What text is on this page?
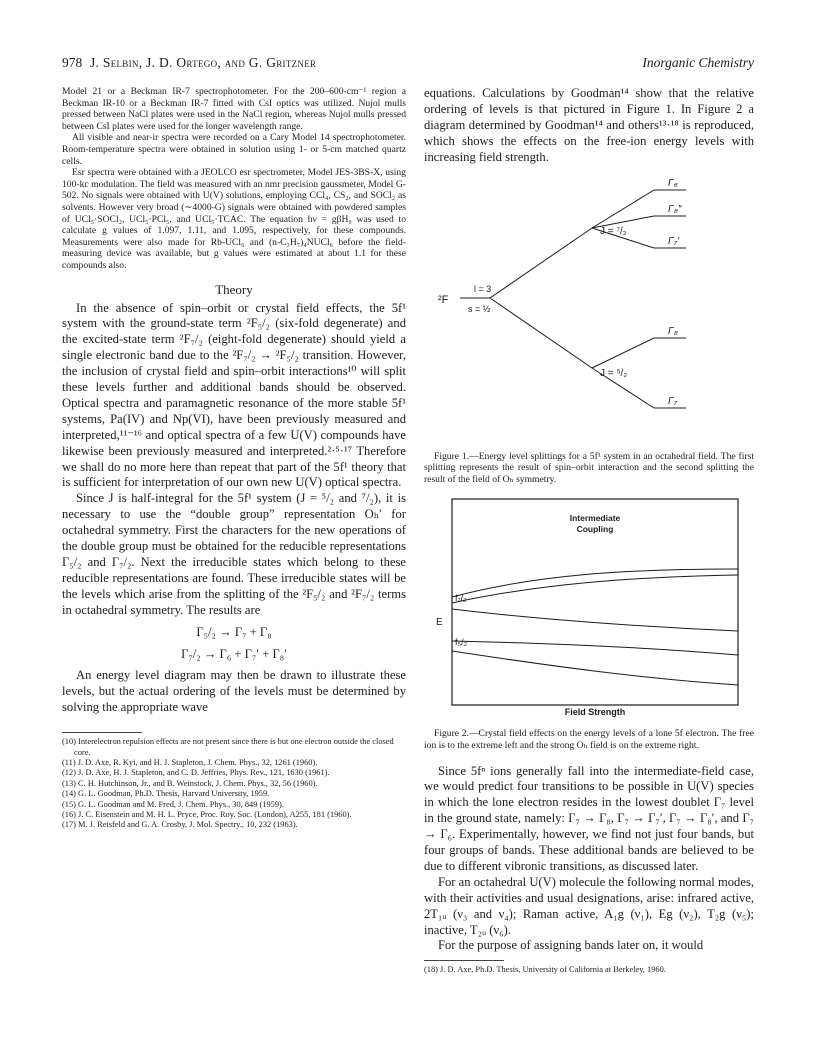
978 J. Selbin, J. D. Ortego, and G. Gritzner	Inorganic Chemistry

Model 21 or a Beckman IR-7 spectrophotometer. For the 200–600-cm⁻¹ region a Beckman IR-10 or a Beckman IR-7 fitted with CsI optics was utilized. Nujol mulls pressed between NaCl plates were used in the NaCl region, whereas Nujol mulls pressed between CsI plates were used for the longer wavelength range.

All visible and near-ir spectra were recorded on a Cary Model 14 spectrophotometer. Room-temperature spectra were obtained in solution using 1- or 5-cm matched quartz cells.

Esr spectra were obtained with a JEOLCO esr spectrometer, Model JES-3BS-X, using 100-kc modulation. The field was measured with an nmr precision gaussmeter, Model G-502. No signals were obtained with U(V) solutions, employing CCl₄, CS₂, and SOCl₂ as solvents. However very broad (∼4000-G) signals were obtained with powdered samples of UCl₅·SOCl₂, UCl₅·PCl₅, and UCl₅·TCAC. The equation hν = gβH₀ was used to calculate g values of 1.097, 1.11, and 1.095, respectively, for these compounds. Measurements were also made for Rb-UCl₆ and (n-C₃H₇)₄NUCl₆ before the field-measuring device was available, but g values were estimated at about 1.1 for these compounds also.

Theory

In the absence of spin–orbit or crystal field effects, the 5f¹ system with the ground-state term ²F₅/₂ (six-fold degenerate) and the excited-state term ²F₇/₂ (eight-fold degenerate) should yield a single electronic band due to the ²F₇/₂ → ²F₅/₂ transition. However, the inclusion of crystal field and spin–orbit interactions¹⁰ will split these levels further and additional bands should be observed. Optical spectra and paramagnetic resonance of the more stable 5f¹ systems, Pa(IV) and Np(VI), have been previously measured and interpreted,¹¹⁻¹⁶ and optical spectra of a few U(V) compounds have likewise been previously measured and interpreted.²·⁵·¹⁷ Therefore we shall do no more here than repeat that part of the 5f¹ theory that is sufficient for interpretation of our own new U(V) optical spectra.

Since J is half-integral for the 5f¹ system (J = ⁵/₂ and ⁷/₂), it is necessary to use the “double group” representation Oₕ′ for octahedral symmetry. First the characters for the new operations of the double group must be obtained for the reducible representations Γ₅/₂ and Γ₇/₂. Next the irreducible states which belong to these reducible representations are found. These irreducible states will be the levels which arise from the splitting of the ²F₅/₂ and ²F₇/₂ terms in octahedral symmetry. The results are

Γ₅/₂ → Γ₇ + Γ₈
Γ₇/₂ → Γ₆ + Γ₇′ + Γ₈′

An energy level diagram may then be drawn to illustrate these levels, but the actual ordering of the levels must be determined by solving the appropriate wave

(10) Interelectron repulsion effects are not present since there is but one electron outside the closed core.
(11) J. D. Axe, R. Kyi, and H. J. Stapleton, J. Chem. Phys., 32, 1261 (1960).
(12) J. D. Axe, H. J. Stapleton, and C. D. Jeffries, Phys. Rev., 121, 1630 (1961).
(13) C. H. Hutchinson, Jr., and B. Weinstock, J. Chem. Phys., 32, 56 (1960).
(14) G. L. Goodman, Ph.D. Thesis, Harvard University, 1959.
(15) G. L. Goodman and M. Fred, J. Chem. Phys., 30, 849 (1959).
(16) J. C. Eisenstein and M. H. L. Pryce, Proc. Roy. Soc. (London), A255, 181 (1960).
(17) M. J. Reisfeld and G. A. Crosby, J. Mol. Spectry., 10, 232 (1963).

equations. Calculations by Goodman¹⁴ show that the relative ordering of levels is that pictured in Figure 1. In Figure 2 a diagram determined by Goodman¹⁴ and others¹³·¹⁸ is reproduced, which shows the effects on the free-ion energy levels with increasing field strength.

²F
l = 3
s = ½
J = ⁷/₂
J = ⁵/₂
Γ₆
Γ₈″
Γ₇′
Γ₈
Γ₇
Figure 1.—Energy level splittings for a 5f¹ system in an octahedral field. The first splitting represents the result of spin–orbit interaction and the second splitting the result of the field of Oₕ symmetry.
Intermediate
Coupling
f₇/₂
f₅/₂
E
Field Strength
Figure 2.—Crystal field effects on the energy levels of a lone 5f electron. The free ion is to the extreme left and the strong Oₕ field is on the extreme right.

Since 5fⁿ ions generally fall into the intermediate-field case, we would predict four transitions to be possible in U(V) species in which the lone electron resides in the lowest doublet Γ₇ level in the ground state, namely: Γ₇ → Γ₈, Γ₇ → Γ₇′, Γ₇ → Γ₈′, and Γ₇ → Γ₆. Experimentally, however, we find not just four bands, but four groups of bands. These additional bands are believed to be due to different vibronic transitions, as discussed later.

For an octahedral U(V) molecule the following normal modes, with their activities and usual designations, arise: infrared active, 2T₁ᵤ (ν₃ and ν₄); Raman active, A₁g (ν₁), Eg (ν₂), T₂g (ν₅); inactive, T₂ᵤ (ν₆).

For the purpose of assigning bands later on, it would

(18) J. D. Axe, Ph.D. Thesis, University of California at Berkeley, 1960.
